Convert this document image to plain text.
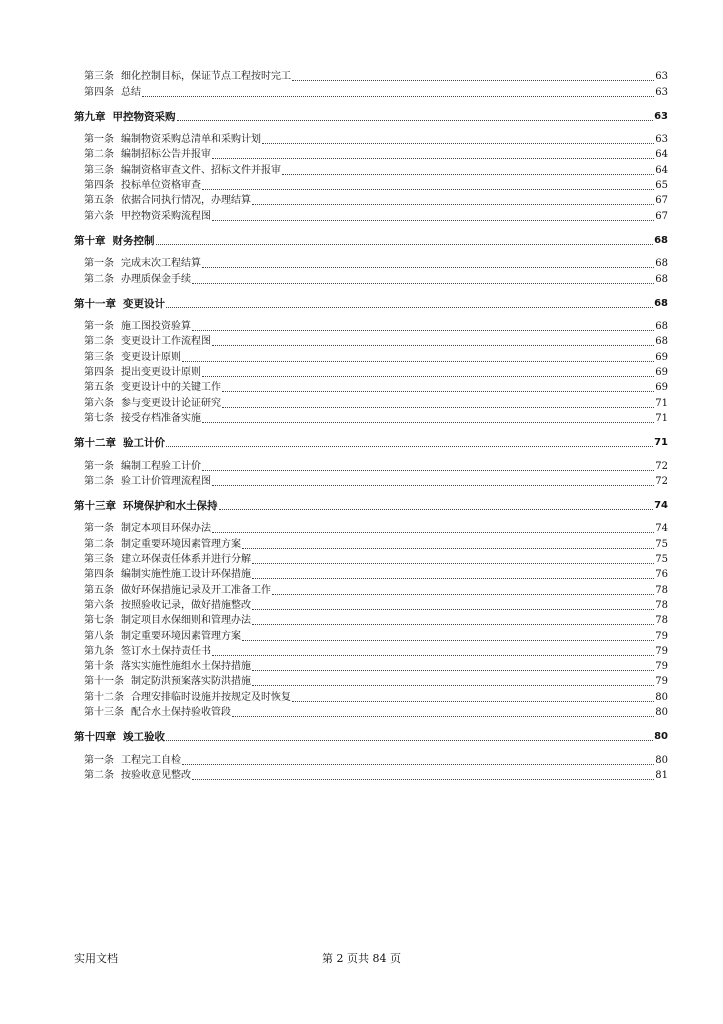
第三条 细化控制目标，保证节点工程按时完工	63
第四条 总结	63
第九章 甲控物资采购	63
第一条 编制物资采购总清单和采购计划	63
第二条 编制招标公告并报审	64
第三条 编制资格审查文件、招标文件并报审	64
第四条 投标单位资格审查	65
第五条 依据合同执行情况，办理结算	67
第六条 甲控物资采购流程图	67
第十章 财务控制	68
第一条 完成末次工程结算	68
第二条 办理质保金手续	68
第十一章 变更设计	68
第一条 施工图投资验算	68
第二条 变更设计工作流程图	68
第三条 变更设计原则	69
第四条 提出变更设计原则	69
第五条 变更设计中的关键工作	69
第六条 参与变更设计论证研究	71
第七条 接受存档准备实施	71
第十二章 验工计价	71
第一条 编制工程验工计价	72
第二条 验工计价管理流程图	72
第十三章 环境保护和水土保持	74
第一条 制定本项目环保办法	74
第二条 制定重要环境因素管理方案	75
第三条 建立环保责任体系并进行分解	75
第四条 编制实施性施工设计环保措施	76
第五条 做好环保措施记录及开工准备工作	78
第六条 按照验收记录，做好措施整改	78
第七条 制定项目水保细则和管理办法	78
第八条 制定重要环境因素管理方案	79
第九条 签订水土保持责任书	79
第十条 落实实施性施组水土保持措施	79
第十一条 制定防洪预案落实防洪措施	79
第十二条 合理安排临时设施并按规定及时恢复	80
第十三条 配合水土保持验收管段	80
第十四章 竣工验收	80
第一条 工程完工自检	80
第二条 按验收意见整改	81
实用文档	第 2 页共 84 页
